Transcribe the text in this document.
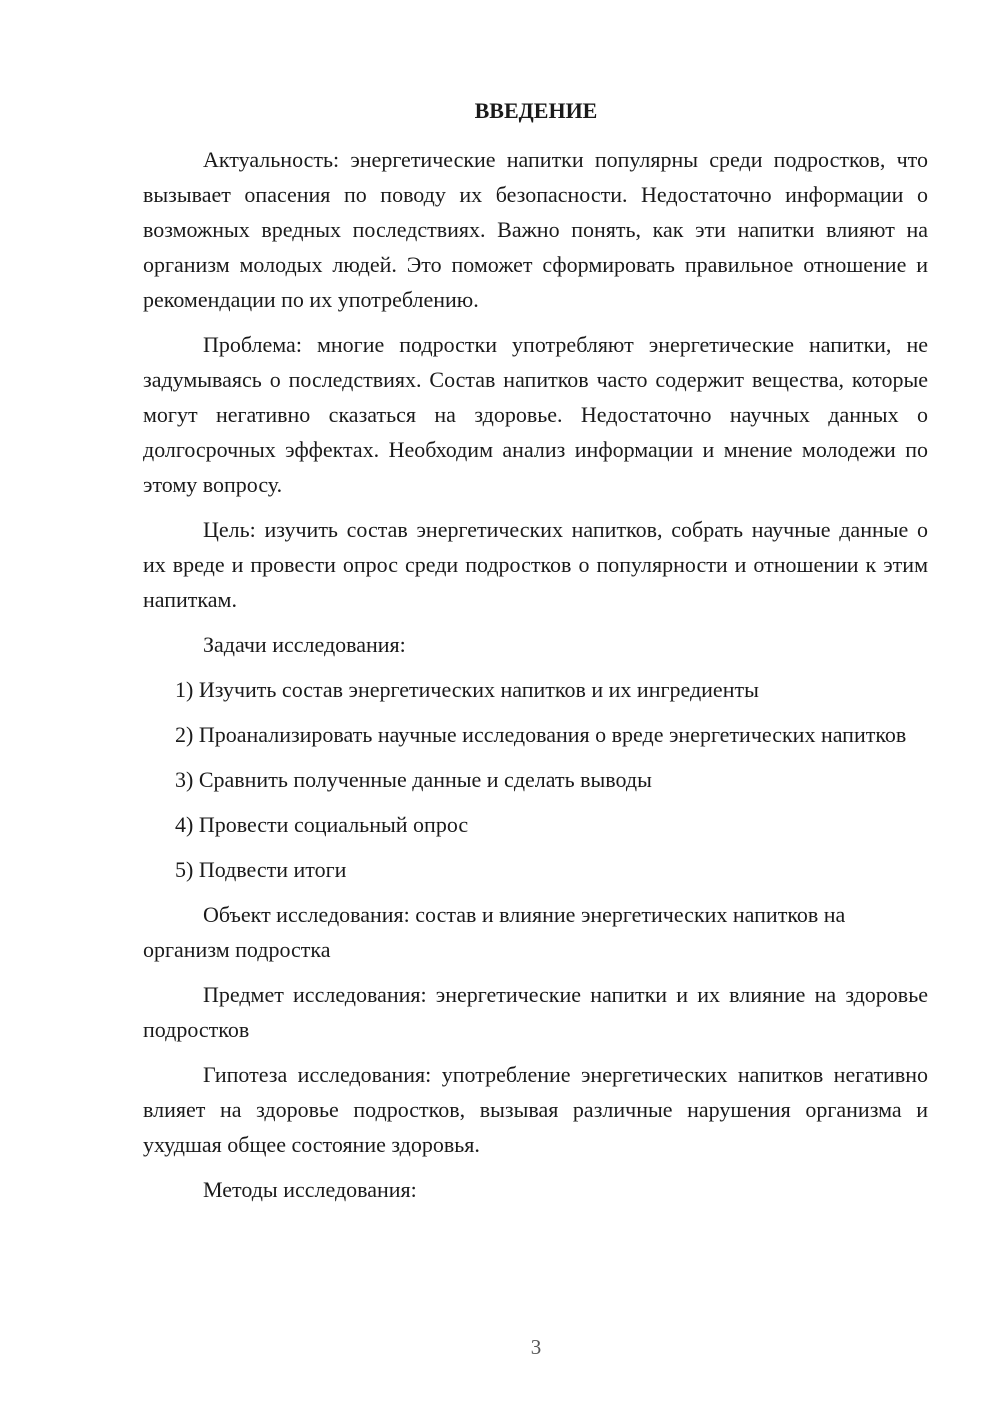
ВВЕДЕНИЕ

Актуальность: энергетические напитки популярны среди подростков, что вызывает опасения по поводу их безопасности. Недостаточно информации о возможных вредных последствиях. Важно понять, как эти напитки влияют на организм молодых людей. Это поможет сформировать правильное отношение и рекомендации по их употреблению.

Проблема: многие подростки употребляют энергетические напитки, не задумываясь о последствиях. Состав напитков часто содержит вещества, которые могут негативно сказаться на здоровье. Недостаточно научных данных о долгосрочных эффектах. Необходим анализ информации и мнение молодежи по этому вопросу.

Цель: изучить состав энергетических напитков, собрать научные данные о их вреде и провести опрос среди подростков о популярности и отношении к этим напиткам.

Задачи исследования:

1) Изучить состав энергетических напитков и их ингредиенты

2) Проанализировать научные исследования о вреде энергетических напитков

3) Сравнить полученные данные и сделать выводы

4) Провести социальный опрос

5) Подвести итоги

Объект исследования: состав и влияние энергетических напитков на организм подростка

Предмет исследования: энергетические напитки и их влияние на здоровье подростков

Гипотеза исследования: употребление энергетических напитков негативно влияет на здоровье подростков, вызывая различные нарушения организма и ухудшая общее состояние здоровья.

Методы исследования:

3
